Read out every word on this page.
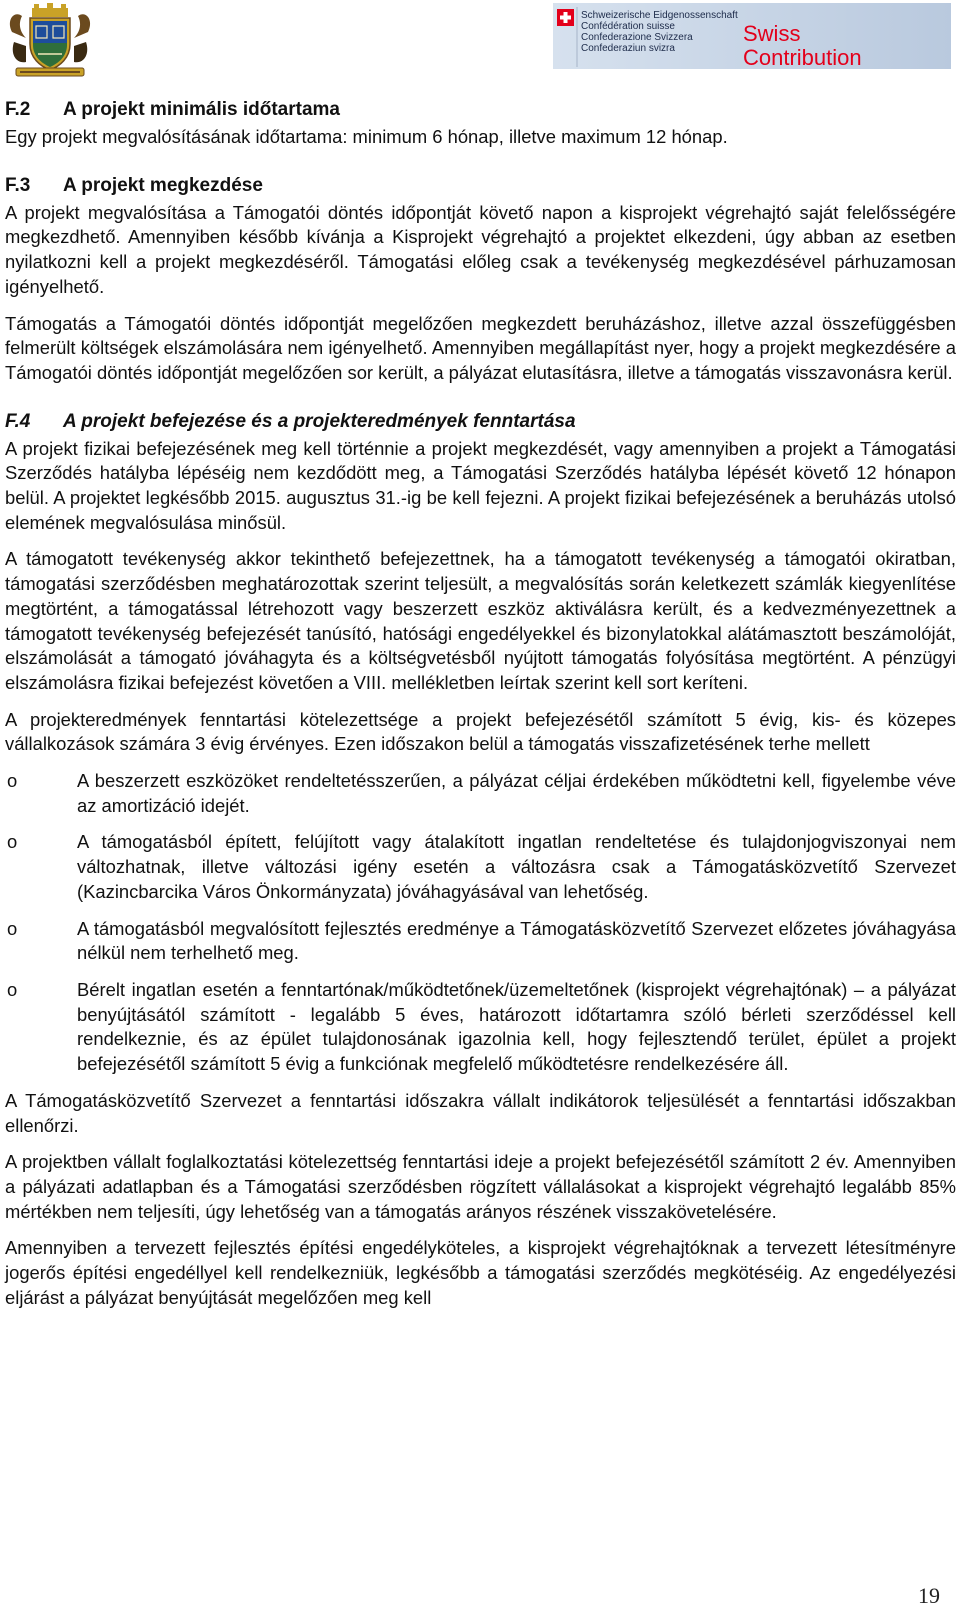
Schweizerische Eidgenossenschaft
Confédération suisse
Confederazione Svizzera
Confederaziun svizra
Swiss
Contribution
F.2 A projekt minimális időtartama

Egy projekt megvalósításának időtartama: minimum 6 hónap, illetve maximum 12 hónap.

F.3 A projekt megkezdése

A projekt megvalósítása a Támogatói döntés időpontját követő napon a kisprojekt végrehajtó saját felelősségére megkezdhető. Amennyiben később kívánja a Kisprojekt végrehajtó a projektet elkezdeni, úgy abban az esetben nyilatkozni kell a projekt megkezdéséről. Támogatási előleg csak a tevékenység megkezdésével párhuzamosan igényelhető.

Támogatás a Támogatói döntés időpontját megelőzően megkezdett beruházáshoz, illetve azzal összefüggésben felmerült költségek elszámolására nem igényelhető. Amennyiben megállapítást nyer, hogy a projekt megkezdésére a Támogatói döntés időpontját megelőzően sor került, a pályázat elutasításra, illetve a támogatás visszavonásra kerül.

F.4 A projekt befejezése és a projekteredmények fenntartása

A projekt fizikai befejezésének meg kell történnie a projekt megkezdését, vagy amennyiben a projekt a Támogatási Szerződés hatályba lépéséig nem kezdődött meg, a Támogatási Szerződés hatályba lépését követő 12 hónapon belül. A projektet legkésőbb 2015. augusztus 31.-ig be kell fejezni. A projekt fizikai befejezésének a beruházás utolsó elemének megvalósulása minősül.

A támogatott tevékenység akkor tekinthető befejezettnek, ha a támogatott tevékenység a támogatói okiratban, támogatási szerződésben meghatározottak szerint teljesült, a megvalósítás során keletkezett számlák kiegyenlítése megtörtént, a támogatással létrehozott vagy beszerzett eszköz aktiválásra került, és a kedvezményezettnek a támogatott tevékenység befejezését tanúsító, hatósági engedélyekkel és bizonylatokkal alátámasztott beszámolóját, elszámolását a támogató jóváhagyta és a költségvetésből nyújtott támogatás folyósítása megtörtént. A pénzügyi elszámolásra fizikai befejezést követően a VIII. mellékletben leírtak szerint kell sort keríteni.

A projekteredmények fenntartási kötelezettsége a projekt befejezésétől számított 5 évig, kis- és közepes vállalkozások számára 3 évig érvényes. Ezen időszakon belül a támogatás visszafizetésének terhe mellett

o	A beszerzett eszközöket rendeltetésszerűen, a pályázat céljai érdekében működtetni kell, figyelembe véve az amortizáció idejét.
o	A támogatásból épített, felújított vagy átalakított ingatlan rendeltetése és tulajdonjogviszonyai nem változhatnak, illetve változási igény esetén a változásra csak a Támogatásközvetítő Szervezet (Kazincbarcika Város Önkormányzata) jóváhagyásával van lehetőség.
o	A támogatásból megvalósított fejlesztés eredménye a Támogatásközvetítő Szervezet előzetes jóváhagyása nélkül nem terhelhető meg.
o	Bérelt ingatlan esetén a fenntartónak/működtetőnek/üzemeltetőnek (kisprojekt végrehajtónak) – a pályázat benyújtásától számított - legalább 5 éves, határozott időtartamra szóló bérleti szerződéssel kell rendelkeznie, és az épület tulajdonosának igazolnia kell, hogy fejlesztendő terület, épület a projekt befejezésétől számított 5 évig a funkciónak megfelelő működtetésre rendelkezésére áll.

A Támogatásközvetítő Szervezet a fenntartási időszakra vállalt indikátorok teljesülését a fenntartási időszakban ellenőrzi.

A projektben vállalt foglalkoztatási kötelezettség fenntartási ideje a projekt befejezésétől számított 2 év. Amennyiben a pályázati adatlapban és a Támogatási szerződésben rögzített vállalásokat a kisprojekt végrehajtó legalább 85% mértékben nem teljesíti, úgy lehetőség van a támogatás arányos részének visszakövetelésére.

Amennyiben a tervezett fejlesztés építési engedélyköteles, a kisprojekt végrehajtóknak a tervezett létesítményre jogerős építési engedéllyel kell rendelkezniük, legkésőbb a támogatási szerződés megkötéséig. Az engedélyezési eljárást a pályázat benyújtását megelőzően meg kell

19
